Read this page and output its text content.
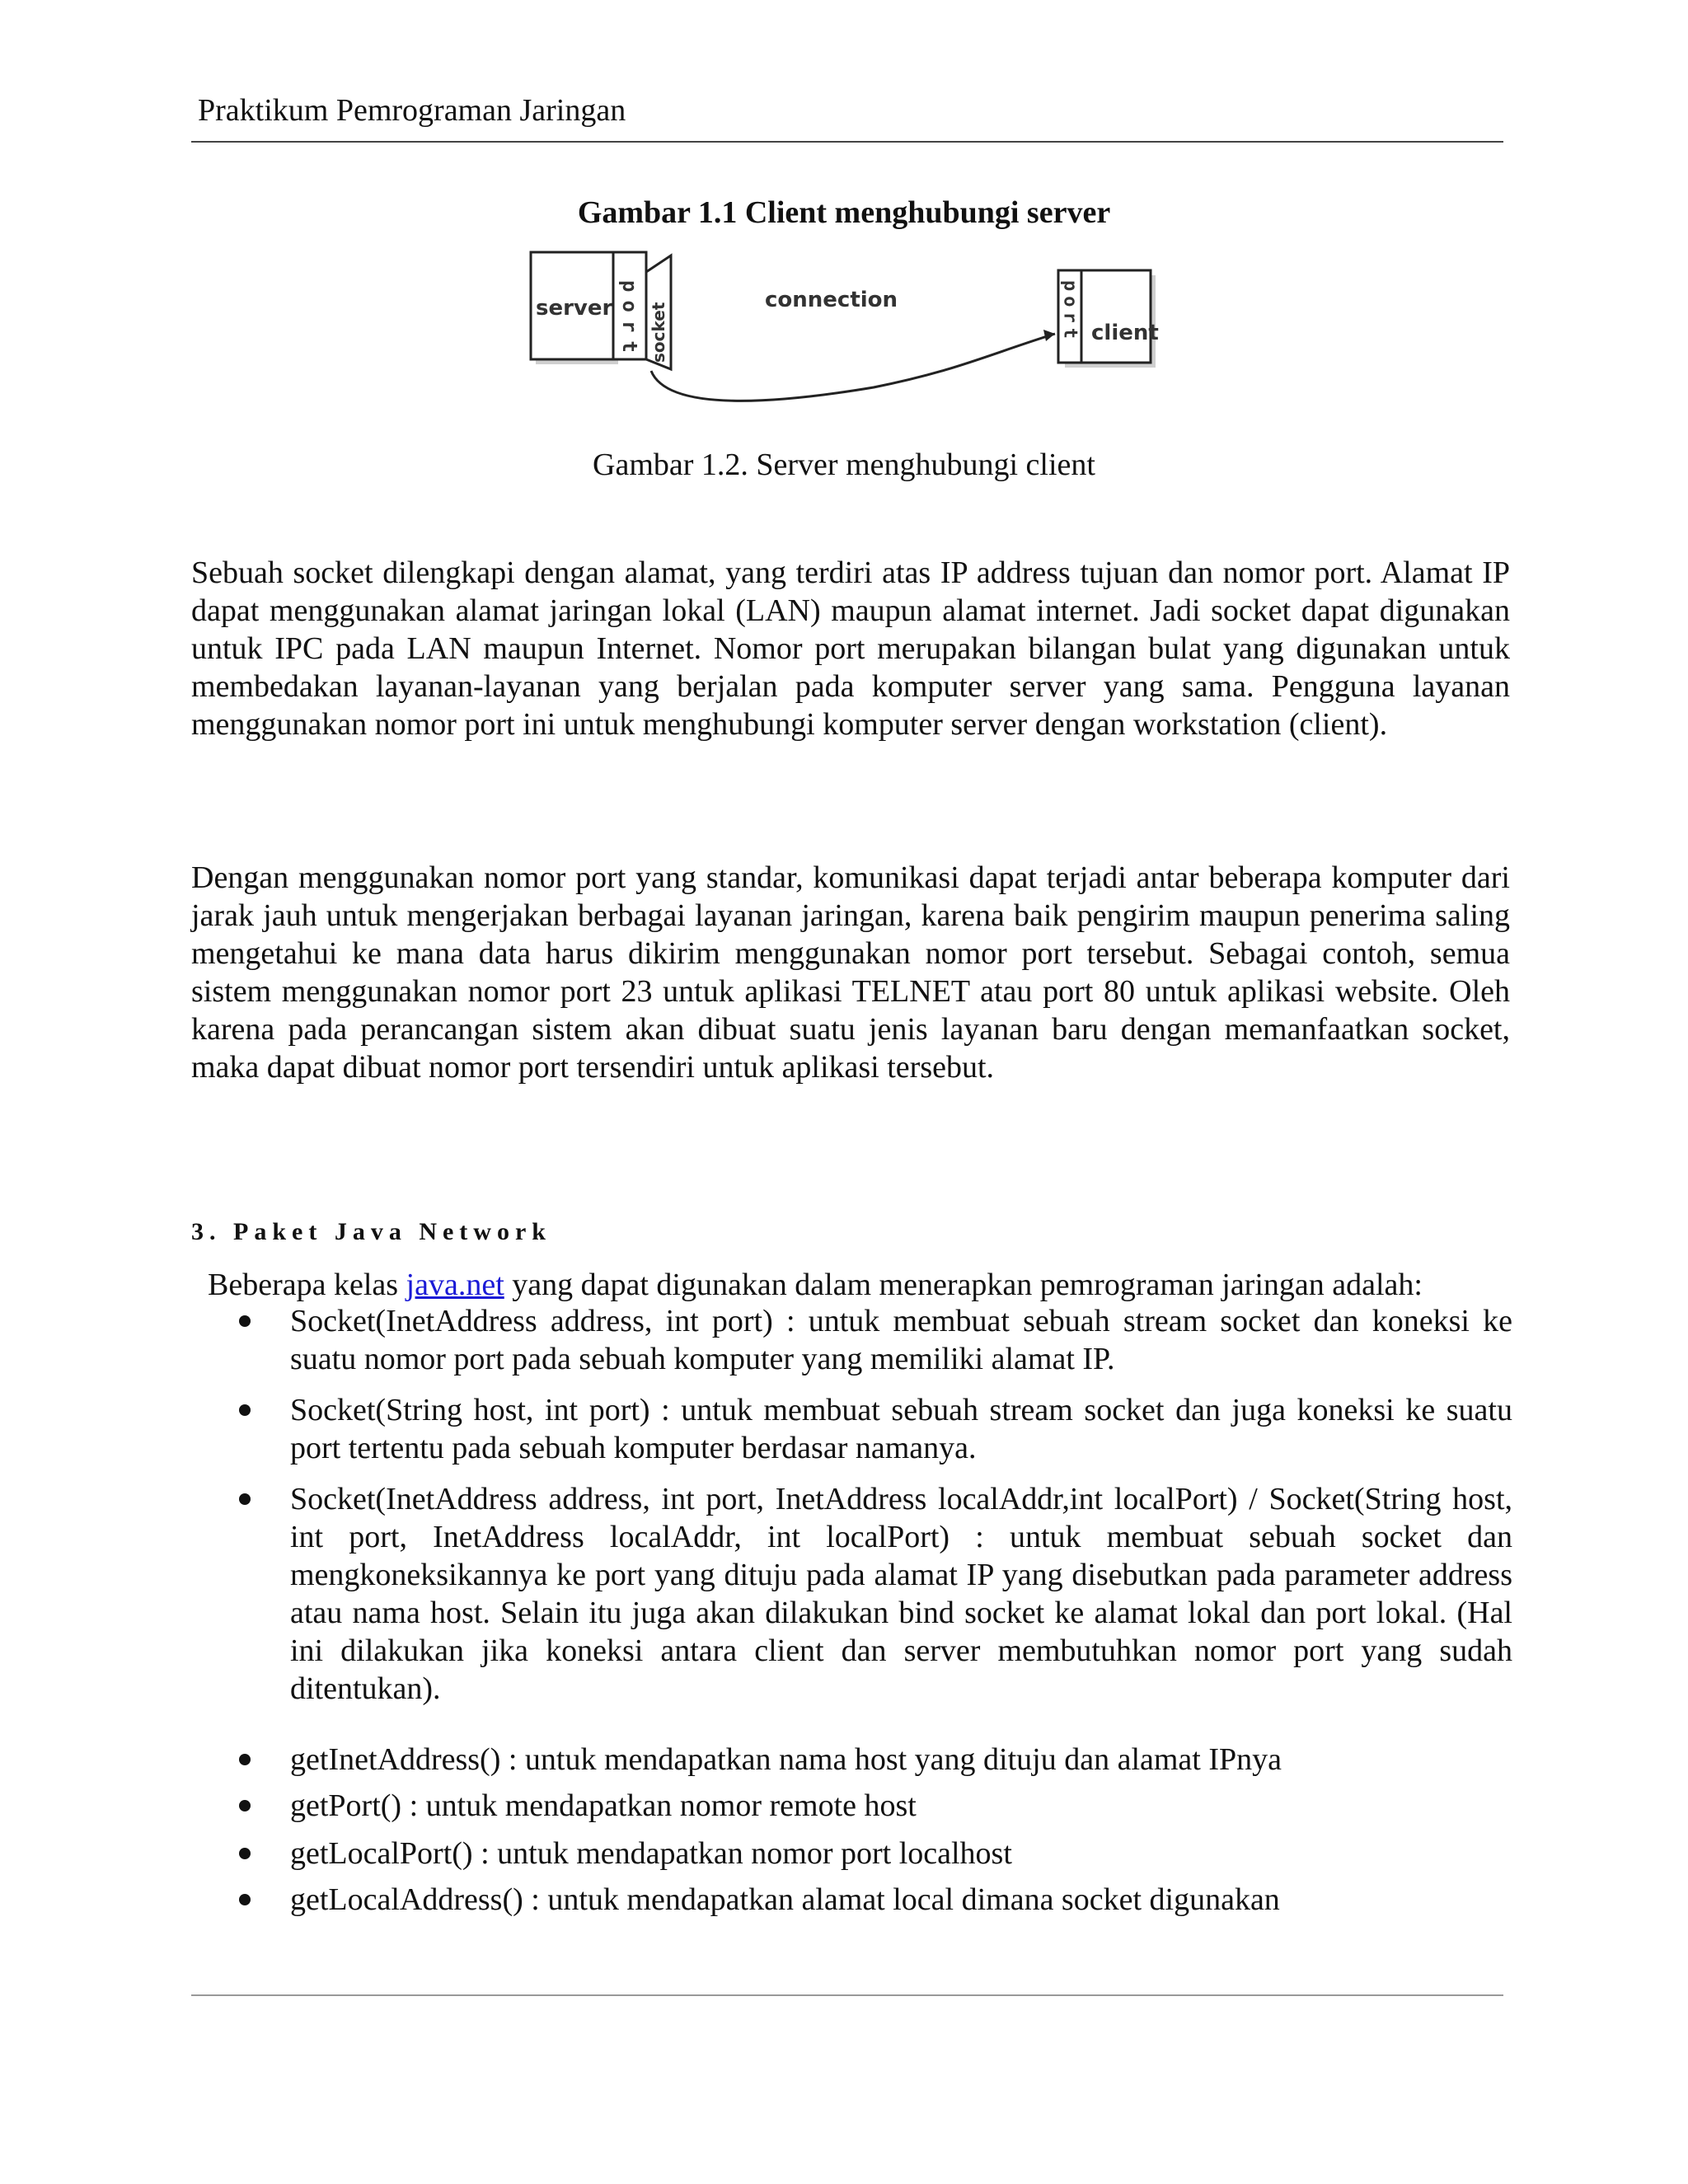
Praktikum Pemrograman Jaringan
Gambar 1.1 Client menghubungi server
server port socket
connection	port client
Gambar 1.2. Server menghubungi client

Sebuah socket dilengkapi dengan alamat, yang terdiri atas IP address tujuan dan nomor port. Alamat IP dapat menggunakan alamat jaringan lokal (LAN) maupun alamat internet. Jadi socket dapat digunakan untuk IPC pada LAN maupun Internet. Nomor port merupakan bilangan bulat yang digunakan untuk membedakan layanan-layanan yang berjalan pada komputer server yang sama. Pengguna layanan menggunakan nomor port ini untuk menghubungi komputer server dengan workstation (client).

Dengan menggunakan nomor port yang standar, komunikasi dapat terjadi antar beberapa komputer dari jarak jauh untuk mengerjakan berbagai layanan jaringan, karena baik pengirim maupun penerima saling mengetahui ke mana data harus dikirim menggunakan nomor port tersebut. Sebagai contoh, semua sistem menggunakan nomor port 23 untuk aplikasi TELNET atau port 80 untuk aplikasi website. Oleh karena pada perancangan sistem akan dibuat suatu jenis layanan baru dengan memanfaatkan socket, maka dapat dibuat nomor port tersendiri untuk aplikasi tersebut.

3. Paket Java Network
Beberapa kelas java.net yang dapat digunakan dalam menerapkan pemrograman jaringan adalah:
Socket(InetAddress address, int port) : untuk membuat sebuah stream socket dan koneksi ke suatu nomor port pada sebuah komputer yang memiliki alamat IP.
Socket(String host, int port) : untuk membuat sebuah stream socket dan juga koneksi ke suatu port tertentu pada sebuah komputer berdasar namanya.
Socket(InetAddress address, int port, InetAddress localAddr,int localPort) / Socket(String host, int port, InetAddress localAddr, int localPort) : untuk membuat sebuah socket dan mengkoneksikannya ke port yang dituju pada alamat IP yang disebutkan pada parameter address atau nama host. Selain itu juga akan dilakukan bind socket ke alamat lokal dan port lokal. (Hal ini dilakukan jika koneksi antara client dan server membutuhkan nomor port yang sudah ditentukan).
getInetAddress() : untuk mendapatkan nama host yang dituju dan alamat IPnya
getPort() : untuk mendapatkan nomor remote host
getLocalPort() : untuk mendapatkan nomor port localhost
getLocalAddress() : untuk mendapatkan alamat local dimana socket digunakan
